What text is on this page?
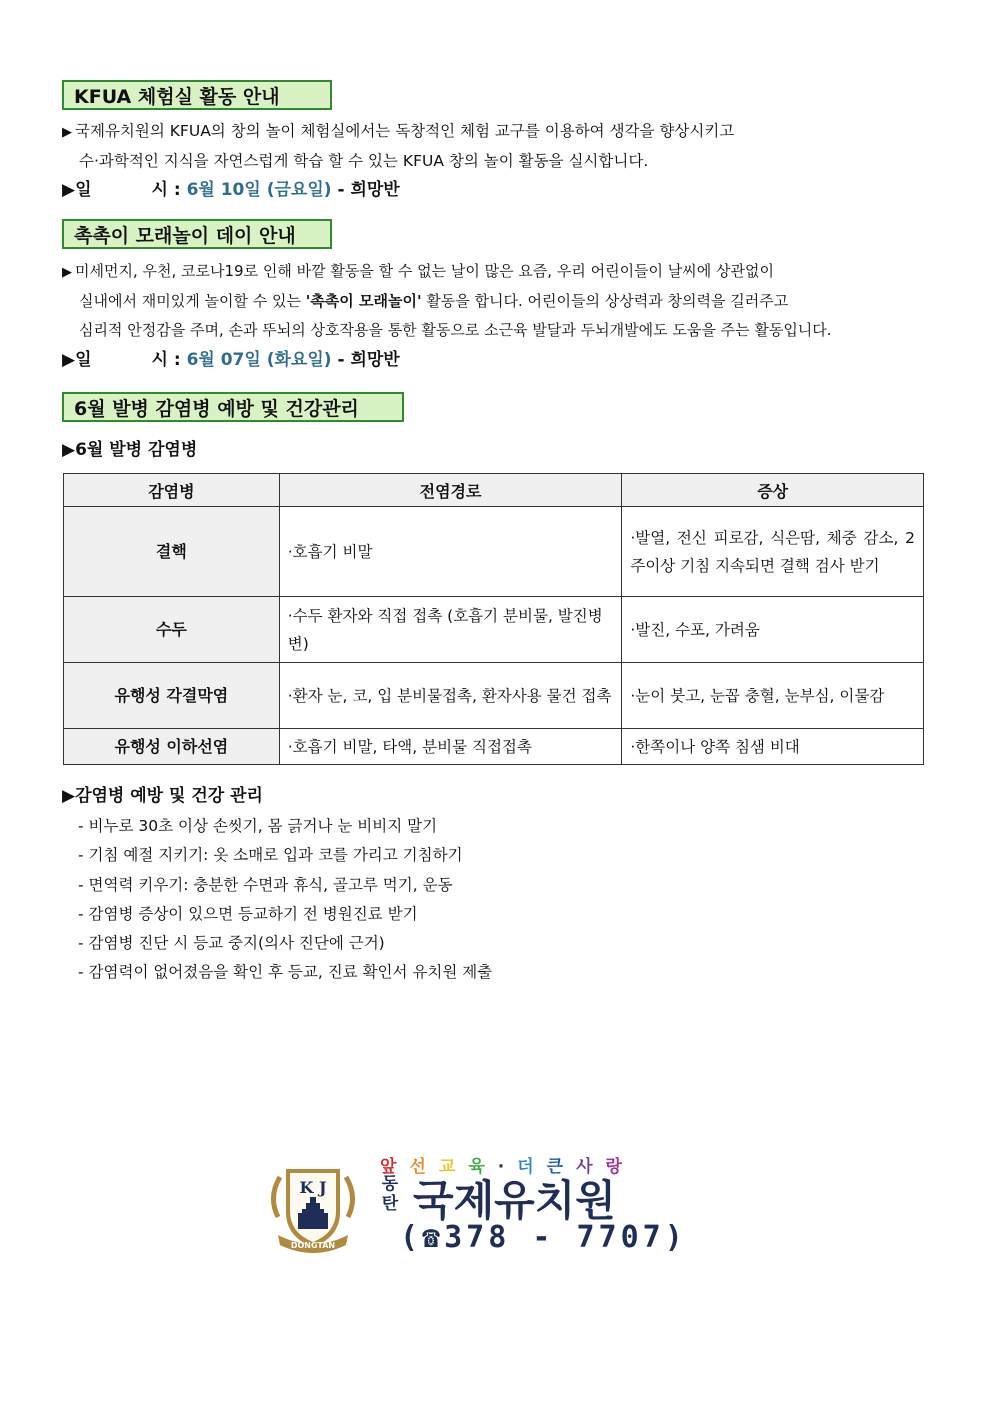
KFUA 체험실 활동 안내
▶ 국제유치원의 KFUA의 창의 놀이 체험실에서는 독창적인 체험 교구를 이용하여 생각을 향상시키고
수·과학적인 지식을 자연스럽게 학습 할 수 있는 KFUA 창의 놀이 활동을 실시합니다.
▶일	시 : 6월 10일 (금요일) - 희망반
촉촉이 모래놀이 데이 안내
▶ 미세먼지, 우천, 코로나19로 인해 바깥 활동을 할 수 없는 날이 많은 요즘, 우리 어린이들이 날씨에 상관없이
실내에서 재미있게 놀이할 수 있는 '촉촉이 모래놀이' 활동을 합니다. 어린이들의 상상력과 창의력을 길러주고
심리적 안정감을 주며, 손과 뚜뇌의 상호작용을 통한 활동으로 소근육 발달과 두뇌개발에도 도움을 주는 활동입니다.
▶일	시 : 6월 07일 (화요일) - 희망반
6월 발병 감염병 예방 및 건강관리
▶6월 발병 감염병
감염병	전염경로	증상
결핵	·호흡기 비말	·발열, 전신 피로감, 식은땀, 체중 감소, 2주이상 기침 지속되면 결핵 검사 받기
수두	·수두 환자와 직접 접촉 (호흡기 분비물, 발진병변)	·발진, 수포, 가려움
유행성 각결막염	·환자 눈, 코, 입 분비물접촉, 환자사용 물건 접촉	·눈이 붓고, 눈꼽 충혈, 눈부심, 이물감
유행성 이하선염	·호흡기 비말, 타액, 분비물 직접접촉	·한쪽이나 양쪽 침샘 비대
▶감염병 예방 및 건강 관리
- 비누로 30초 이상 손씻기, 몸 긁거나 눈 비비지 말기
- 기침 예절 지키기: 옷 소매로 입과 코를 가리고 기침하기
- 면역력 키우기: 충분한 수면과 휴식, 골고루 먹기, 운동
- 감염병 증상이 있으면 등교하기 전 병원진료 받기
- 감염병 진단 시 등교 중지(의사 진단에 근거)
- 감염력이 없어졌음을 확인 후 등교, 진료 확인서 유치원 제출
K J
DONGTAN
앞선교육·더큰사랑
동탄 국제유치원
(☎378 - 7707)
